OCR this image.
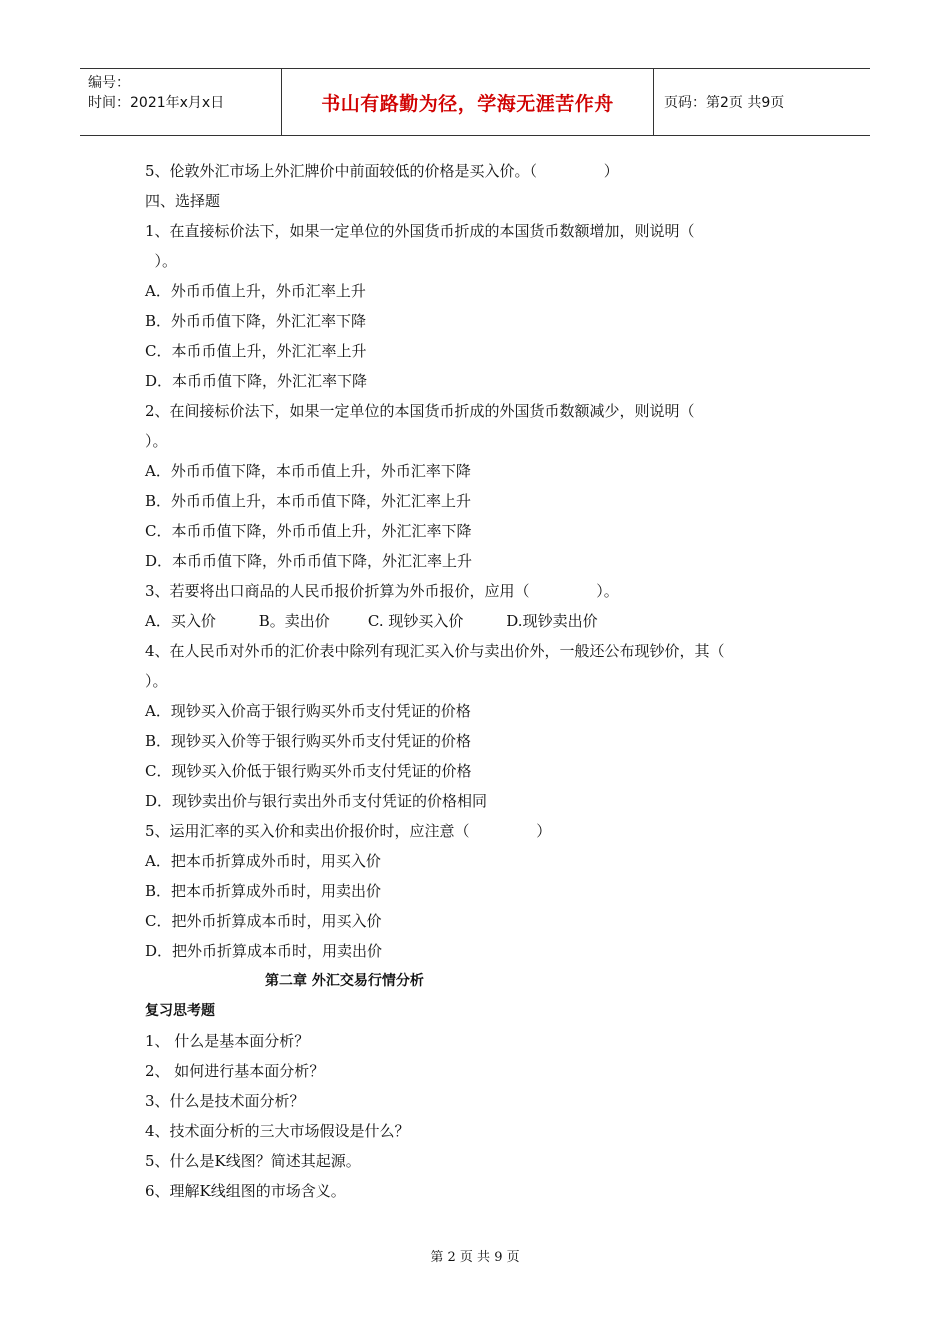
编号：
时间：2021年x月x日	书山有路勤为径，学海无涯苦作舟	页码：第2页 共9页
5、伦敦外汇市场上外汇牌价中前面较低的价格是买入价。（              ）
四、选择题
1、在直接标价法下，如果一定单位的外国货币折成的本国货币数额增加，则说明（
）。
A．外币币值上升，外币汇率上升
B．外币币值下降，外汇汇率下降
C．本币币值上升，外汇汇率上升
D．本币币值下降，外汇汇率下降
2、在间接标价法下，如果一定单位的本国货币折成的外国货币数额减少，则说明（
）。
A．外币币值下降，本币币值上升，外币汇率下降
B．外币币值上升，本币币值下降，外汇汇率上升
C．本币币值下降，外币币值上升，外汇汇率下降
D．本币币值下降，外币币值下降，外汇汇率上升
3、若要将出口商品的人民币报价折算为外币报价，应用（              ）。
A．买入价         B。卖出价        C. 现钞买入价         D.现钞卖出价
4、在人民币对外币的汇价表中除列有现汇买入价与卖出价外，一般还公布现钞价，其（
）。
A．现钞买入价高于银行购买外币支付凭证的价格
B．现钞买入价等于银行购买外币支付凭证的价格
C．现钞买入价低于银行购买外币支付凭证的价格
D．现钞卖出价与银行卖出外币支付凭证的价格相同
5、运用汇率的买入价和卖出价报价时，应注意（              ）
A．把本币折算成外币时，用买入价
B．把本币折算成外币时，用卖出价
C．把外币折算成本币时，用买入价
D．把外币折算成本币时，用卖出价
第二章 外汇交易行情分析
复习思考题
1、 什么是基本面分析？
2、 如何进行基本面分析？
3、什么是技术面分析？
4、技术面分析的三大市场假设是什么？
5、什么是K线图？简述其起源。
6、理解K线组图的市场含义。
第 2 页 共 9 页
